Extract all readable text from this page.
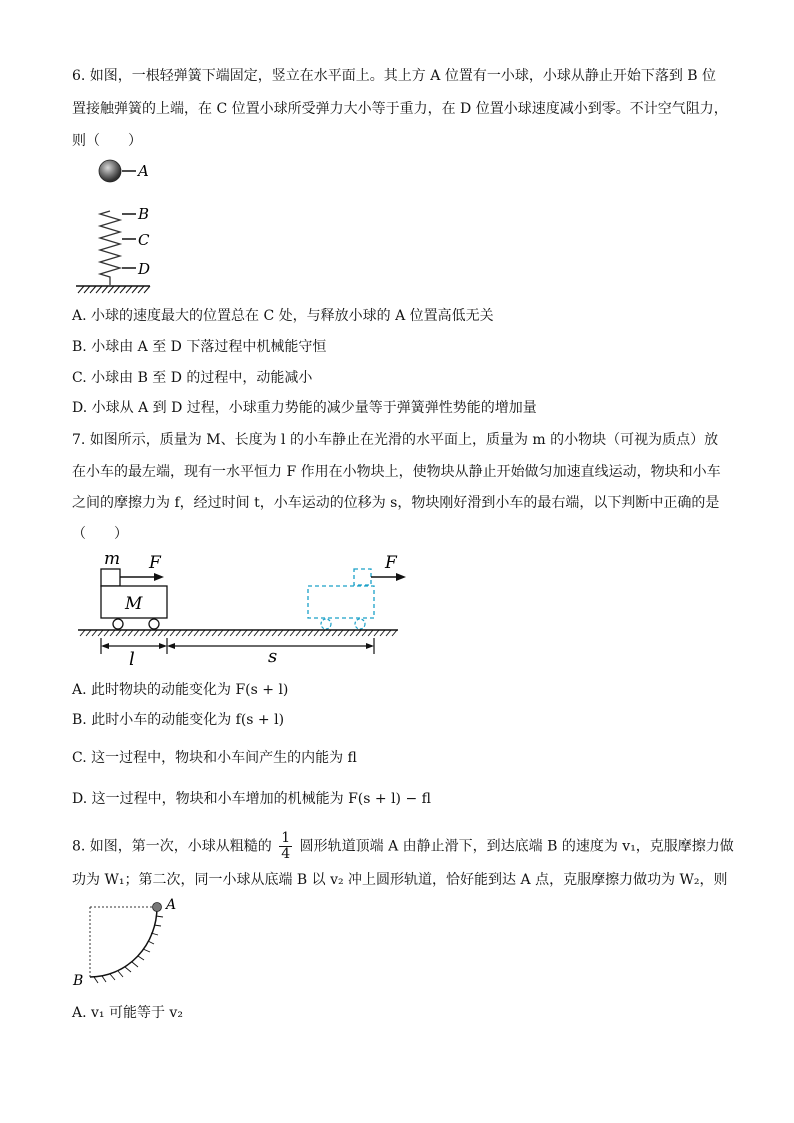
6. 如图，一根轻弹簧下端固定，竖立在水平面上。其上方 A 位置有一小球，小球从静止开始下落到 B 位
置接触弹簧的上端，在 C 位置小球所受弹力大小等于重力，在 D 位置小球速度减小到零。不计空气阻力，
则（　　）
A
B
C
D
A. 小球的速度最大的位置总在 C 处，与释放小球的 A 位置高低无关
B. 小球由 A 至 D 下落过程中机械能守恒
C. 小球由 B 至 D 的过程中，动能减小
D. 小球从 A 到 D 过程，小球重力势能的减少量等于弹簧弹性势能的增加量
7. 如图所示，质量为 M、长度为 l 的小车静止在光滑的水平面上，质量为 m 的小物块（可视为质点）放
在小车的最左端，现有一水平恒力 F 作用在小物块上，使物块从静止开始做匀加速直线运动，物块和小车
之间的摩擦力为 f，经过时间 t，小车运动的位移为 s，物块刚好滑到小车的最右端，以下判断中正确的是
（　　）
m F
M
F
l	s
A. 此时物块的动能变化为 F(s + l)
B. 此时小车的动能变化为 f(s + l)
C. 这一过程中，物块和小车间产生的内能为 fl
D. 这一过程中，物块和小车增加的机械能为 F(s + l) − fl
8. 如图，第一次，小球从粗糙的 $\frac{1}{4}$ 圆形轨道顶端 A 由静止滑下，到达底端 B 的速度为 v₁，克服摩擦力做
功为 W₁；第二次，同一小球从底端 B 以 v₂ 冲上圆形轨道，恰好能到达 A 点，克服摩擦力做功为 W₂，则
A
B
A. v₁ 可能等于 v₂
